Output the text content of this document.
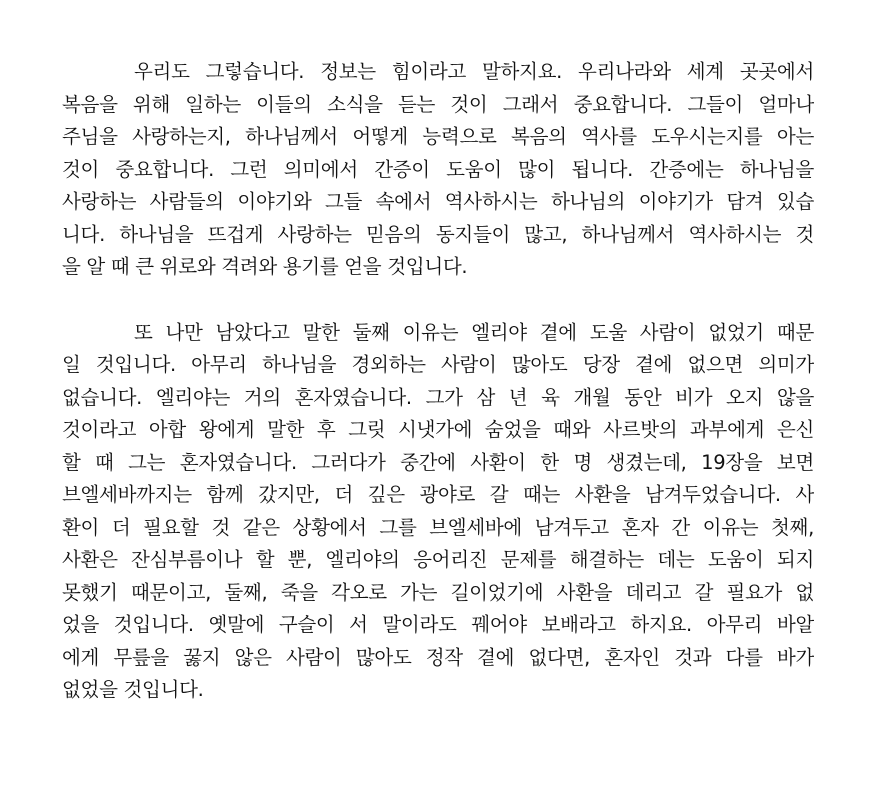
우리도 그렇습니다. 정보는 힘이라고 말하지요. 우리나라와 세계 곳곳에서
복음을 위해 일하는 이들의 소식을 듣는 것이 그래서 중요합니다. 그들이 얼마나
주님을 사랑하는지, 하나님께서 어떻게 능력으로 복음의 역사를 도우시는지를 아는
것이 중요합니다. 그런 의미에서 간증이 도움이 많이 됩니다. 간증에는 하나님을
사랑하는 사람들의 이야기와 그들 속에서 역사하시는 하나님의 이야기가 담겨 있습
니다. 하나님을 뜨겁게 사랑하는 믿음의 동지들이 많고, 하나님께서 역사하시는 것
을 알 때 큰 위로와 격려와 용기를 얻을 것입니다.
또 나만 남았다고 말한 둘째 이유는 엘리야 곁에 도울 사람이 없었기 때문
일 것입니다. 아무리 하나님을 경외하는 사람이 많아도 당장 곁에 없으면 의미가
없습니다. 엘리야는 거의 혼자였습니다. 그가 삼 년 육 개월 동안 비가 오지 않을
것이라고 아합 왕에게 말한 후 그릿 시냇가에 숨었을 때와 사르밧의 과부에게 은신
할 때 그는 혼자였습니다. 그러다가 중간에 사환이 한 명 생겼는데, 19장을 보면
브엘세바까지는 함께 갔지만, 더 깊은 광야로 갈 때는 사환을 남겨두었습니다. 사
환이 더 필요할 것 같은 상황에서 그를 브엘세바에 남겨두고 혼자 간 이유는 첫째,
사환은 잔심부름이나 할 뿐, 엘리야의 응어리진 문제를 해결하는 데는 도움이 되지
못했기 때문이고, 둘째, 죽을 각오로 가는 길이었기에 사환을 데리고 갈 필요가 없
었을 것입니다. 옛말에 구슬이 서 말이라도 꿰어야 보배라고 하지요. 아무리 바알
에게 무릎을 꿇지 않은 사람이 많아도 정작 곁에 없다면, 혼자인 것과 다를 바가
없었을 것입니다.
